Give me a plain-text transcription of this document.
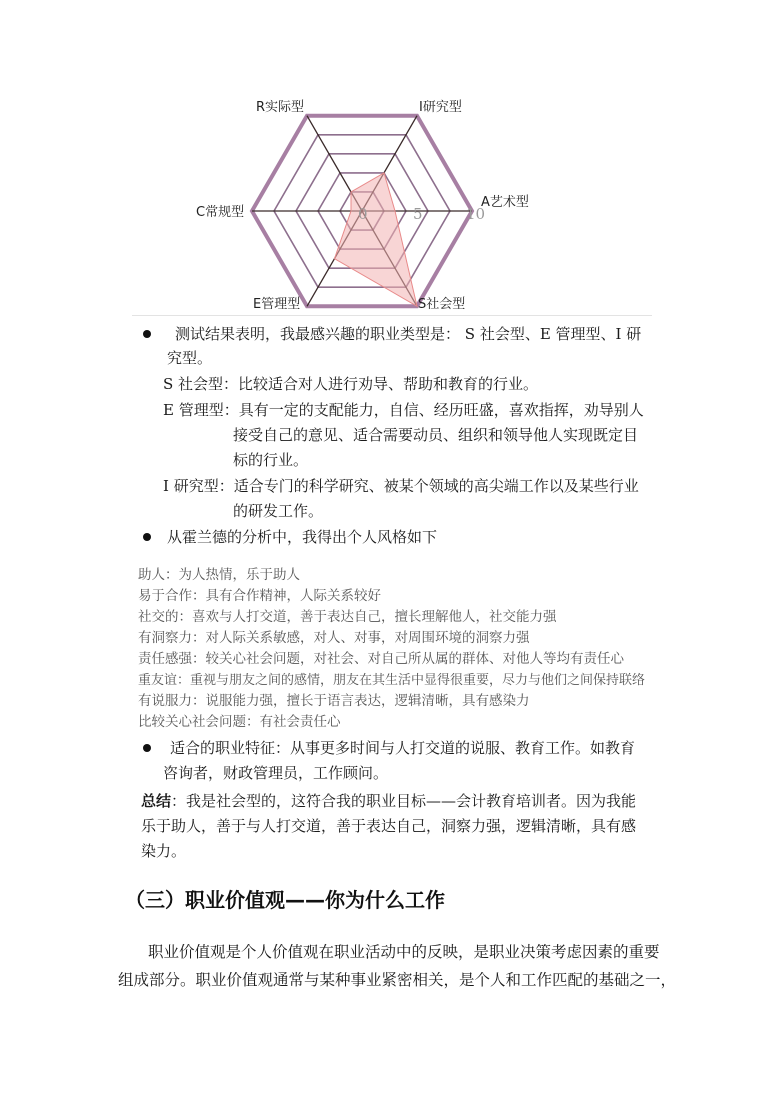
0	5	10
R实际型	I研究型
A艺术型
S社会型
E管理型
C常规型
测试结果表明，我最感兴趣的职业类型是： S 社会型、E 管理型、I 研
究型。
S 社会型：比较适合对人进行劝导、帮助和教育的行业。
E 管理型：具有一定的支配能力，自信、经历旺盛，喜欢指挥，劝导别人
接受自己的意见、适合需要动员、组织和领导他人实现既定目
标的行业。
I 研究型：适合专门的科学研究、被某个领域的高尖端工作以及某些行业
的研发工作。
从霍兰德的分析中，我得出个人风格如下
助人：为人热情，乐于助人
易于合作：具有合作精神，人际关系较好
社交的：喜欢与人打交道，善于表达自己，擅长理解他人，社交能力强
有洞察力：对人际关系敏感，对人、对事，对周围环境的洞察力强
责任感强：较关心社会问题，对社会、对自己所从属的群体、对他人等均有责任心
重友谊：重视与朋友之间的感情，朋友在其生活中显得很重要，尽力与他们之间保持联络
有说服力：说服能力强，擅长于语言表达，逻辑清晰，具有感染力
比较关心社会问题：有社会责任心
适合的职业特征：从事更多时间与人打交道的说服、教育工作。如教育
咨询者，财政管理员，工作顾问。
总结：我是社会型的，这符合我的职业目标——会计教育培训者。因为我能
乐于助人，善于与人打交道，善于表达自己，洞察力强，逻辑清晰，具有感
染力。
（三）职业价值观——你为什么工作
职业价值观是个人价值观在职业活动中的反映，是职业决策考虑因素的重要
组成部分。职业价值观通常与某种事业紧密相关，是个人和工作匹配的基础之一，
